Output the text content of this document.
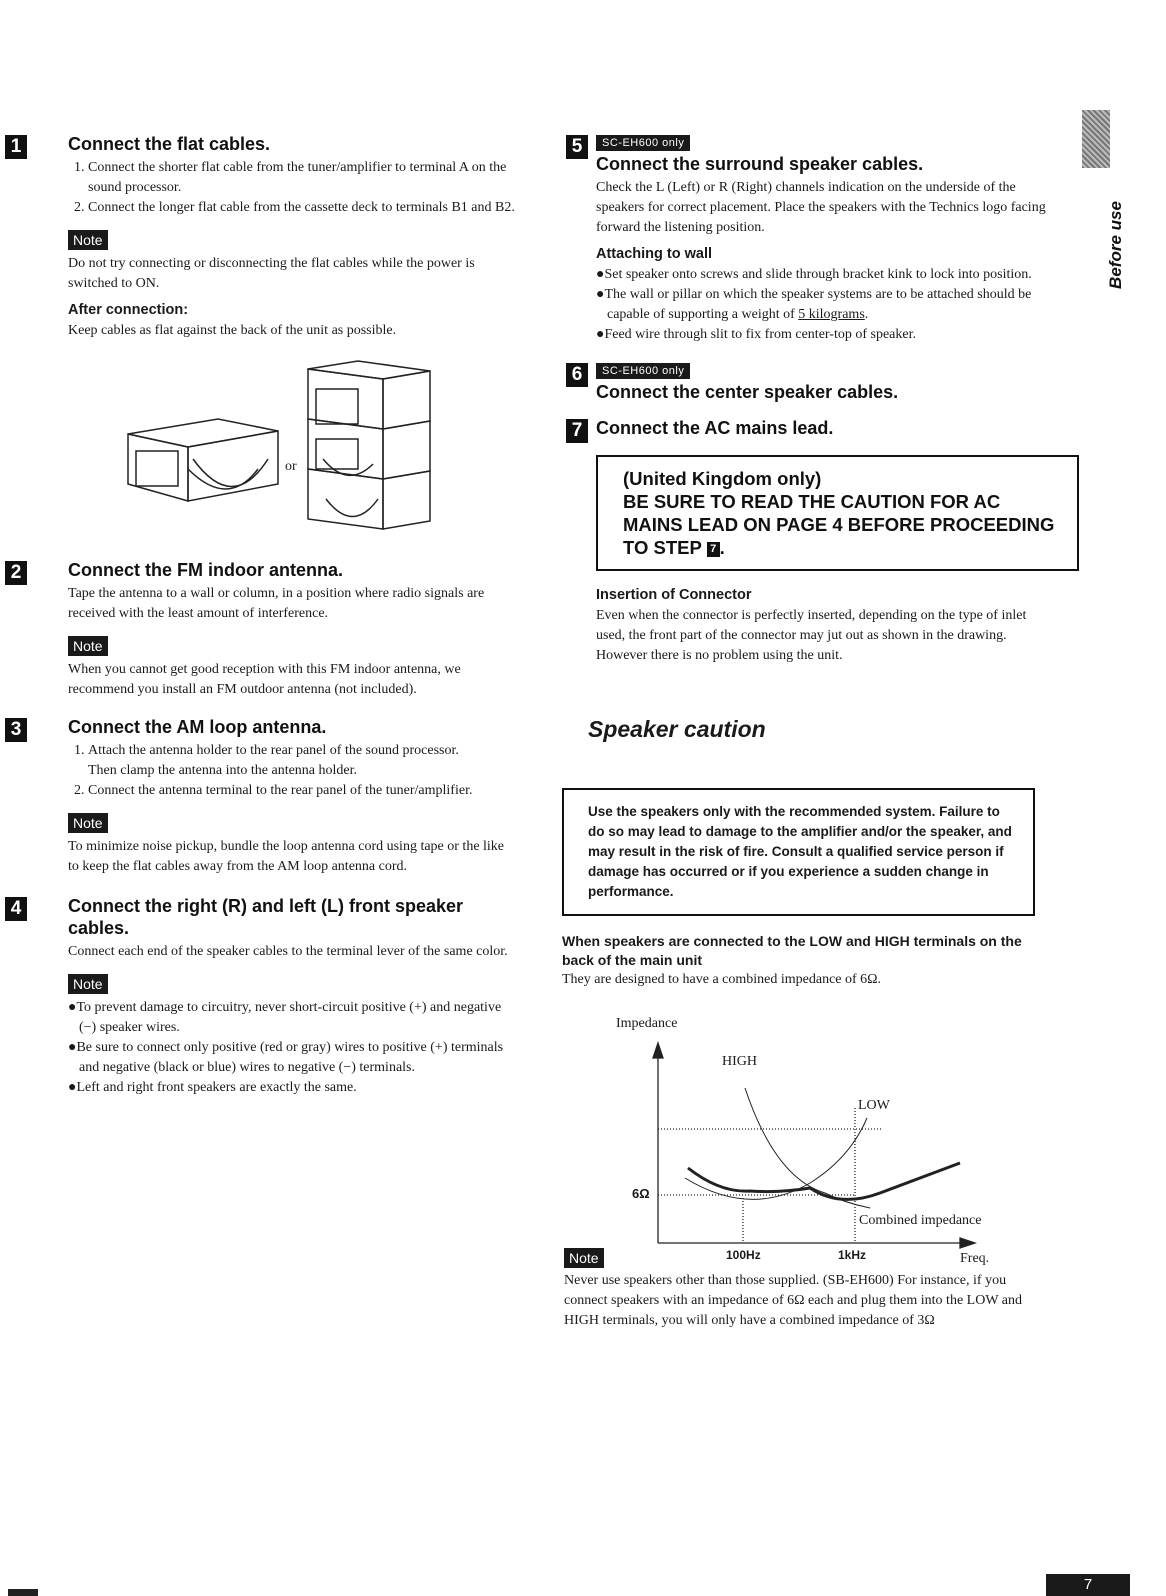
Before use
1	Connect the flat cables.
1. Connect the shorter flat cable from the tuner/amplifier to terminal A on the sound processor.
2. Connect the longer flat cable from the cassette deck to terminals B1 and B2.
Note

Do not try connecting or disconnecting the flat cables while the power is switched to ON.

After connection:

Keep cables as flat against the back of the unit as possible.

or
2	Connect the FM indoor antenna.

Tape the antenna to a wall or column, in a position where radio signals are received with the least amount of interference.

Note

When you cannot get good reception with this FM indoor antenna, we recommend you install an FM outdoor antenna (not included).

3	Connect the AM loop antenna.
1. Attach the antenna holder to the rear panel of the sound processor.
Then clamp the antenna into the antenna holder.
2. Connect the antenna terminal to the rear panel of the tuner/amplifier.
Note

To minimize noise pickup, bundle the loop antenna cord using tape or the like to keep the flat cables away from the AM loop antenna cord.

4	Connect the right (R) and left (L) front speaker cables.

Connect each end of the speaker cables to the terminal lever of the same color.

Note
●To prevent damage to circuitry, never short-circuit positive (+) and negative (−) speaker wires.
●Be sure to connect only positive (red or gray) wires to positive (+) terminals and negative (black or blue) wires to negative (−) terminals.
●Left and right front speakers are exactly the same.
5	SC-EH600 only
Connect the surround speaker cables.

Check the L (Left) or R (Right) channels indication on the underside of the speakers for correct placement. Place the speakers with the Technics logo facing forward the listening position.

Attaching to wall
●Set speaker onto screws and slide through bracket kink to lock into position.
●The wall or pillar on which the speaker systems are to be attached should be capable of supporting a weight of 5 kilograms.
●Feed wire through slit to fix from center-top of speaker.
6	SC-EH600 only
Connect the center speaker cables.
7 Connect the AC mains lead.
(United Kingdom only)
BE SURE TO READ THE CAUTION FOR AC MAINS LEAD ON PAGE 4 BEFORE PROCEEDING TO STEP 7 .
Insertion of Connector

Even when the connector is perfectly inserted, depending on the type of inlet used, the front part of the connector may jut out as shown in the drawing.

However there is no problem using the unit.

Speaker caution

Use the speakers only with the recommended system. Failure to do so may lead to damage to the amplifier and/or the speaker, and may result in the risk of fire. Consult a qualified service person if damage has occurred or if you experience a sudden change in performance.
When speakers are connected to the LOW and HIGH terminals on the back of the main unit

They are designed to have a combined impedance of 6Ω.

Impedance
HIGH
LOW
6Ω
Combined impedance
100Hz	1kHz	Freq.
Note

Never use speakers other than those supplied. (SB-EH600) For instance, if you connect speakers with an impedance of 6Ω each and plug them into the LOW and HIGH terminals, you will only have a combined impedance of 3Ω

7
